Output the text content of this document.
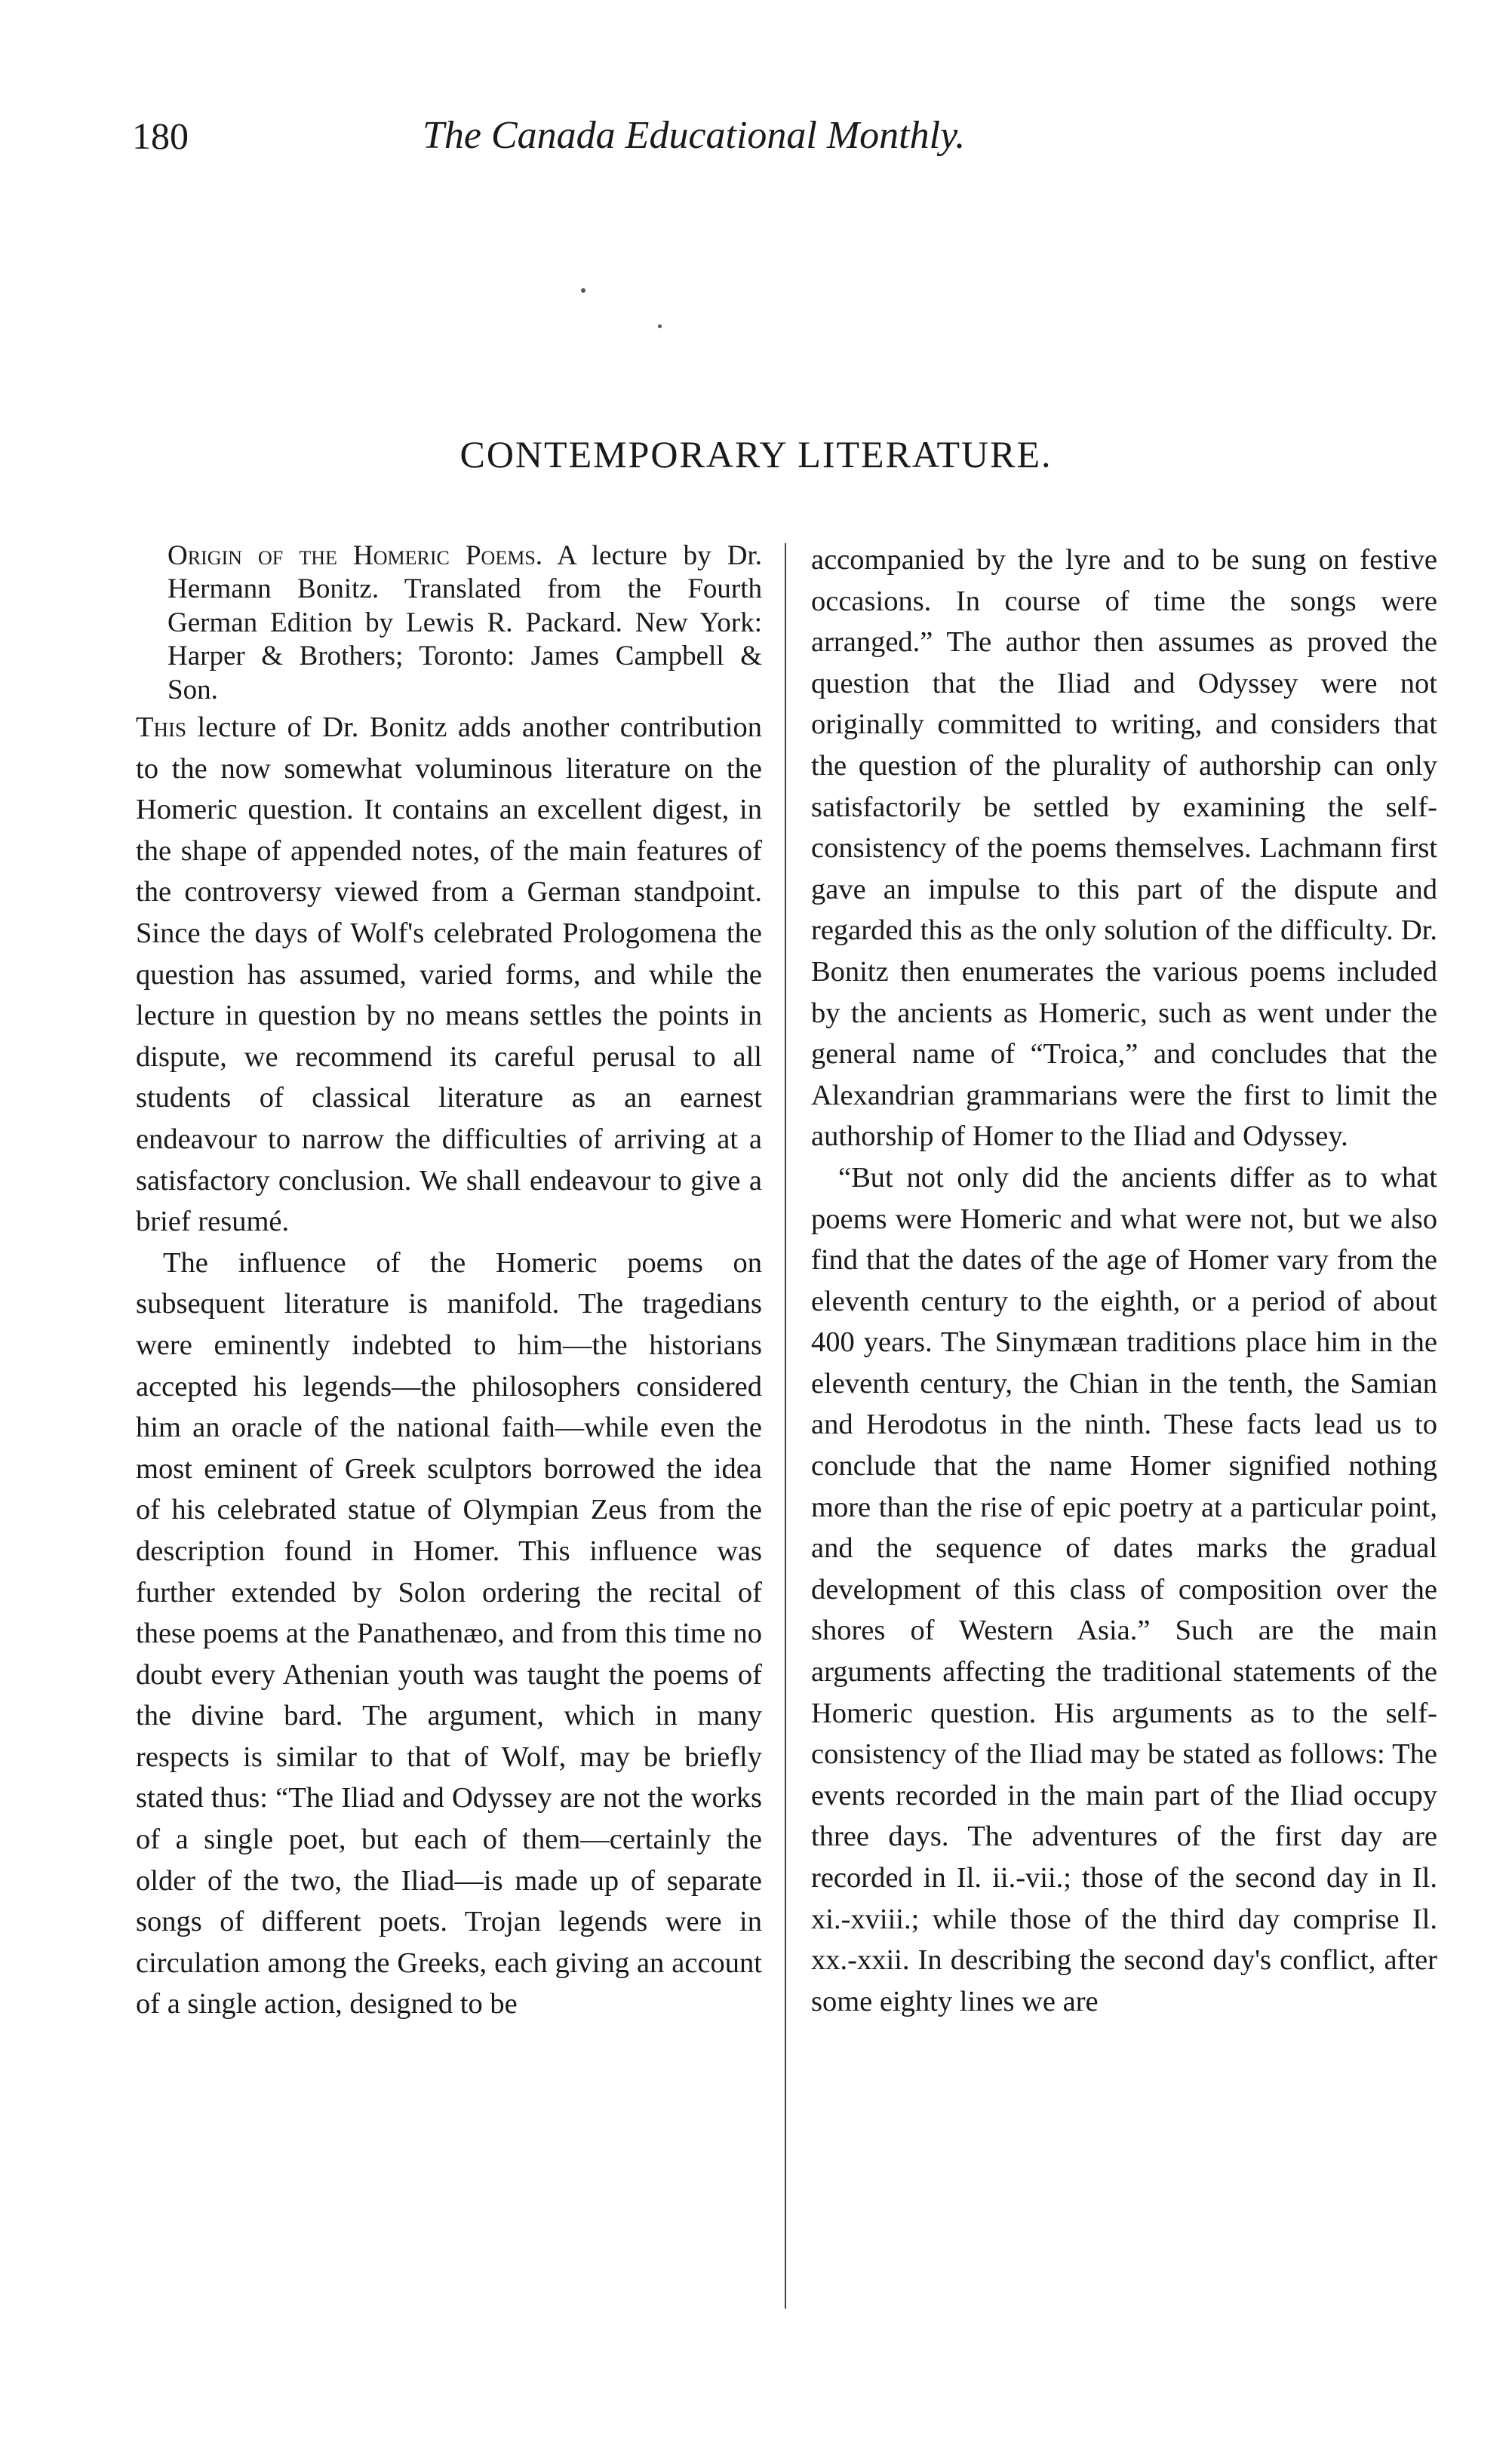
180	The Canada Educational Monthly.
CONTEMPORARY LITERATURE.

Origin of the Homeric Poems. A lecture by Dr. Hermann Bonitz. Translated from the Fourth German Edition by Lewis R. Packard. New York: Harper & Brothers; Toronto: James Campbell & Son.

This lecture of Dr. Bonitz adds another contribution to the now somewhat voluminous literature on the Homeric question. It contains an excellent digest, in the shape of appended notes, of the main features of the controversy viewed from a German standpoint. Since the days of Wolf's celebrated Prologomena the question has assumed, varied forms, and while the lecture in question by no means settles the points in dispute, we recommend its careful perusal to all students of classical literature as an earnest endeavour to narrow the difficulties of arriving at a satisfactory conclusion. We shall endeavour to give a brief resumé.

The influence of the Homeric poems on subsequent literature is manifold. The tragedians were eminently indebted to him—the historians accepted his legends—the philosophers considered him an oracle of the national faith—while even the most eminent of Greek sculptors borrowed the idea of his celebrated statue of Olympian Zeus from the description found in Homer. This influence was further extended by Solon ordering the recital of these poems at the Panathenæo, and from this time no doubt every Athenian youth was taught the poems of the divine bard. The argument, which in many respects is similar to that of Wolf, may be briefly stated thus: “The Iliad and Odyssey are not the works of a single poet, but each of them—certainly the older of the two, the Iliad—is made up of separate songs of different poets. Trojan legends were in circulation among the Greeks, each giving an account of a single action, designed to be

accompanied by the lyre and to be sung on festive occasions. In course of time the songs were arranged.” The author then assumes as proved the question that the Iliad and Odyssey were not originally committed to writing, and considers that the question of the plurality of authorship can only satisfactorily be settled by examining the self-consistency of the poems themselves. Lachmann first gave an impulse to this part of the dispute and regarded this as the only solution of the difficulty. Dr. Bonitz then enumerates the various poems included by the ancients as Homeric, such as went under the general name of “Troica,” and concludes that the Alexandrian grammarians were the first to limit the authorship of Homer to the Iliad and Odyssey.

“But not only did the ancients differ as to what poems were Homeric and what were not, but we also find that the dates of the age of Homer vary from the eleventh century to the eighth, or a period of about 400 years. The Sinymæan traditions place him in the eleventh century, the Chian in the tenth, the Samian and Herodotus in the ninth. These facts lead us to conclude that the name Homer signified nothing more than the rise of epic poetry at a particular point, and the sequence of dates marks the gradual development of this class of composition over the shores of Western Asia.” Such are the main arguments affecting the traditional statements of the Homeric question. His arguments as to the self-consistency of the Iliad may be stated as follows: The events recorded in the main part of the Iliad occupy three days. The adventures of the first day are recorded in Il. ii.-vii.; those of the second day in Il. xi.-xviii.; while those of the third day comprise Il. xx.-xxii. In describing the second day's conflict, after some eighty lines we are
